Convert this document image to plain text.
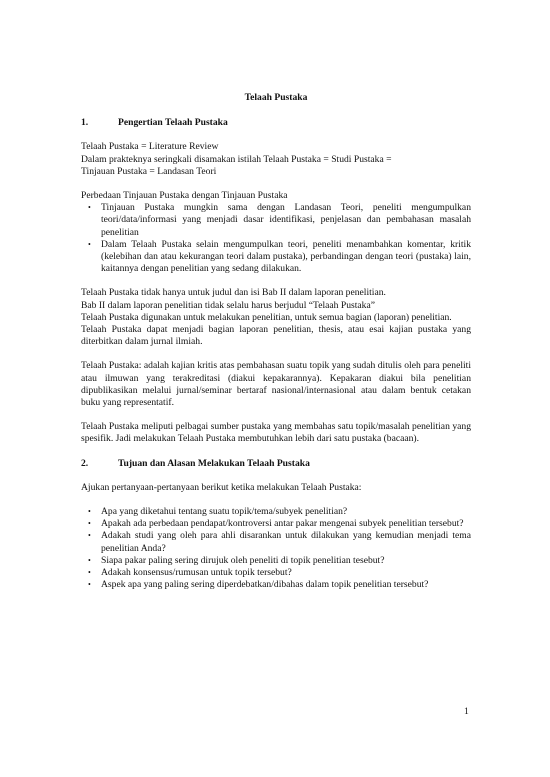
Telaah Pustaka
1.	Pengertian Telaah Pustaka

Telaah Pustaka = Literature Review

Dalam prakteknya seringkali disamakan istilah Telaah Pustaka = Studi Pustaka =

Tinjauan Pustaka = Landasan Teori

Perbedaan Tinjauan Pustaka dengan Tinjauan Pustaka

•	Tinjauan Pustaka mungkin sama dengan Landasan Teori, peneliti mengumpulkan teori/data/informasi yang menjadi dasar identifikasi, penjelasan dan pembahasan masalah penelitian
•	Dalam Telaah Pustaka selain mengumpulkan teori, peneliti menambahkan komentar, kritik (kelebihan dan atau kekurangan teori dalam pustaka), perbandingan dengan teori (pustaka) lain, kaitannya dengan penelitian yang sedang dilakukan.

Telaah Pustaka tidak hanya untuk judul dan isi Bab II dalam laporan penelitian.

Bab II dalam laporan penelitian tidak selalu harus berjudul “Telaah Pustaka”

Telaah Pustaka digunakan untuk melakukan penelitian, untuk semua bagian (laporan) penelitian.

Telaah Pustaka dapat menjadi bagian laporan penelitian, thesis, atau esai kajian pustaka yang diterbitkan dalam jurnal ilmiah.

Telaah Pustaka: adalah kajian kritis atas pembahasan suatu topik yang sudah ditulis oleh para peneliti atau ilmuwan yang terakreditasi (diakui kepakarannya). Kepakaran diakui bila penelitian dipublikasikan melalui jurnal/seminar bertaraf nasional/internasional atau dalam bentuk cetakan buku yang representatif.

Telaah Pustaka meliputi pelbagai sumber pustaka yang membahas satu topik/masalah penelitian yang spesifik. Jadi melakukan Telaah Pustaka membutuhkan lebih dari satu pustaka (bacaan).

2.	Tujuan dan Alasan Melakukan Telaah Pustaka

Ajukan pertanyaan-pertanyaan berikut ketika melakukan Telaah Pustaka:

•	Apa yang diketahui tentang suatu topik/tema/subyek penelitian?
•	Apakah ada perbedaan pendapat/kontroversi antar pakar mengenai subyek penelitian tersebut?
•	Adakah studi yang oleh para ahli disarankan untuk dilakukan yang kemudian menjadi tema penelitian Anda?
•	Siapa pakar paling sering dirujuk oleh peneliti di topik penelitian tesebut?
•	Adakah konsensus/rumusan untuk topik tersebut?
•	Aspek apa yang paling sering diperdebatkan/dibahas dalam topik penelitian tersebut?
1
